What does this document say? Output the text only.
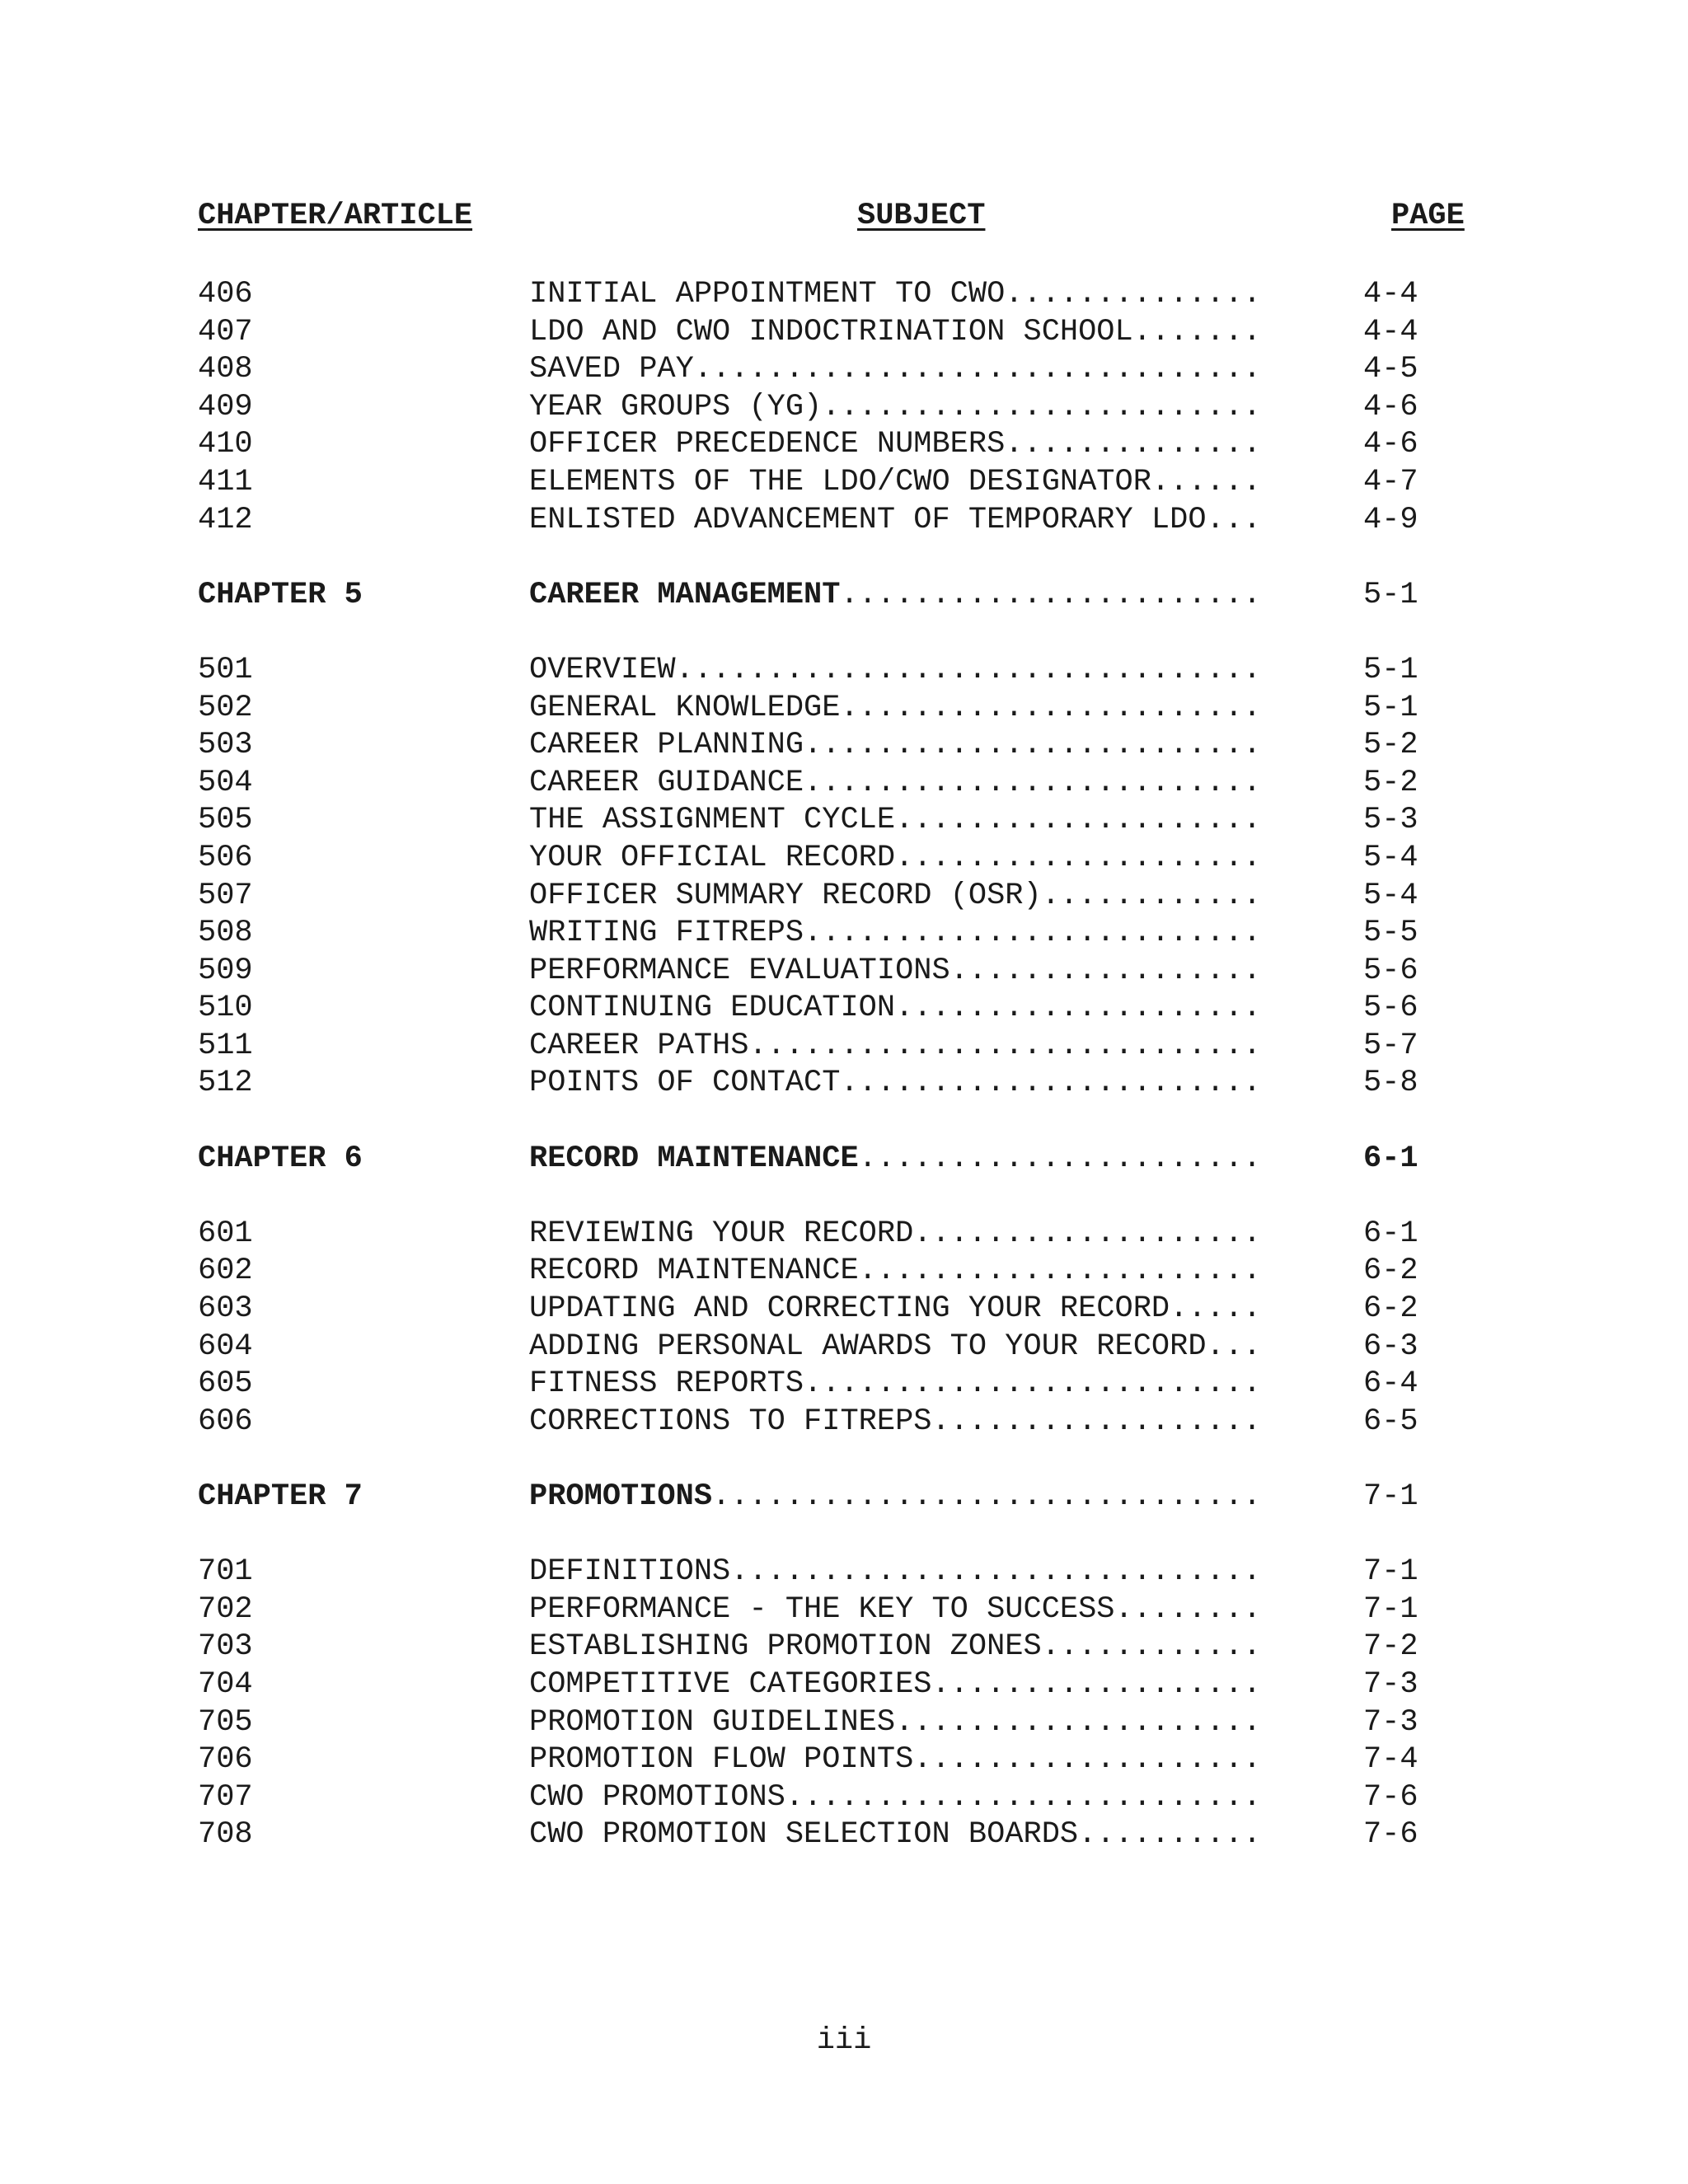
CHAPTER/ARTICLE	SUBJECT	PAGE
406	INITIAL APPOINTMENT TO CWO..............	4-4
407	LDO AND CWO INDOCTRINATION SCHOOL.......	4-4
408	SAVED PAY...............................	4-5
409	YEAR GROUPS (YG)........................	4-6
410	OFFICER PRECEDENCE NUMBERS..............	4-6
411	ELEMENTS OF THE LDO/CWO DESIGNATOR......	4-7
412	ENLISTED ADVANCEMENT OF TEMPORARY LDO...	4-9
CHAPTER 5	CAREER MANAGEMENT.......................	5-1
501	OVERVIEW................................	5-1
502	GENERAL KNOWLEDGE.......................	5-1
503	CAREER PLANNING.........................	5-2
504	CAREER GUIDANCE.........................	5-2
505	THE ASSIGNMENT CYCLE....................	5-3
506	YOUR OFFICIAL RECORD....................	5-4
507	OFFICER SUMMARY RECORD (OSR)............	5-4
508	WRITING FITREPS.........................	5-5
509	PERFORMANCE EVALUATIONS.................	5-6
510	CONTINUING EDUCATION....................	5-6
511	CAREER PATHS............................	5-7
512	POINTS OF CONTACT.......................	5-8
CHAPTER 6	RECORD MAINTENANCE......................	6-1
601	REVIEWING YOUR RECORD...................	6-1
602	RECORD MAINTENANCE......................	6-2
603	UPDATING AND CORRECTING YOUR RECORD.....	6-2
604	ADDING PERSONAL AWARDS TO YOUR RECORD...	6-3
605	FITNESS REPORTS.........................	6-4
606	CORRECTIONS TO FITREPS..................	6-5
CHAPTER 7	PROMOTIONS..............................	7-1
701	DEFINITIONS.............................	7-1
702	PERFORMANCE - THE KEY TO SUCCESS........	7-1
703	ESTABLISHING PROMOTION ZONES............	7-2
704	COMPETITIVE CATEGORIES..................	7-3
705	PROMOTION GUIDELINES....................	7-3
706	PROMOTION FLOW POINTS...................	7-4
707	CWO PROMOTIONS..........................	7-6
708	CWO PROMOTION SELECTION BOARDS..........	7-6
iii
